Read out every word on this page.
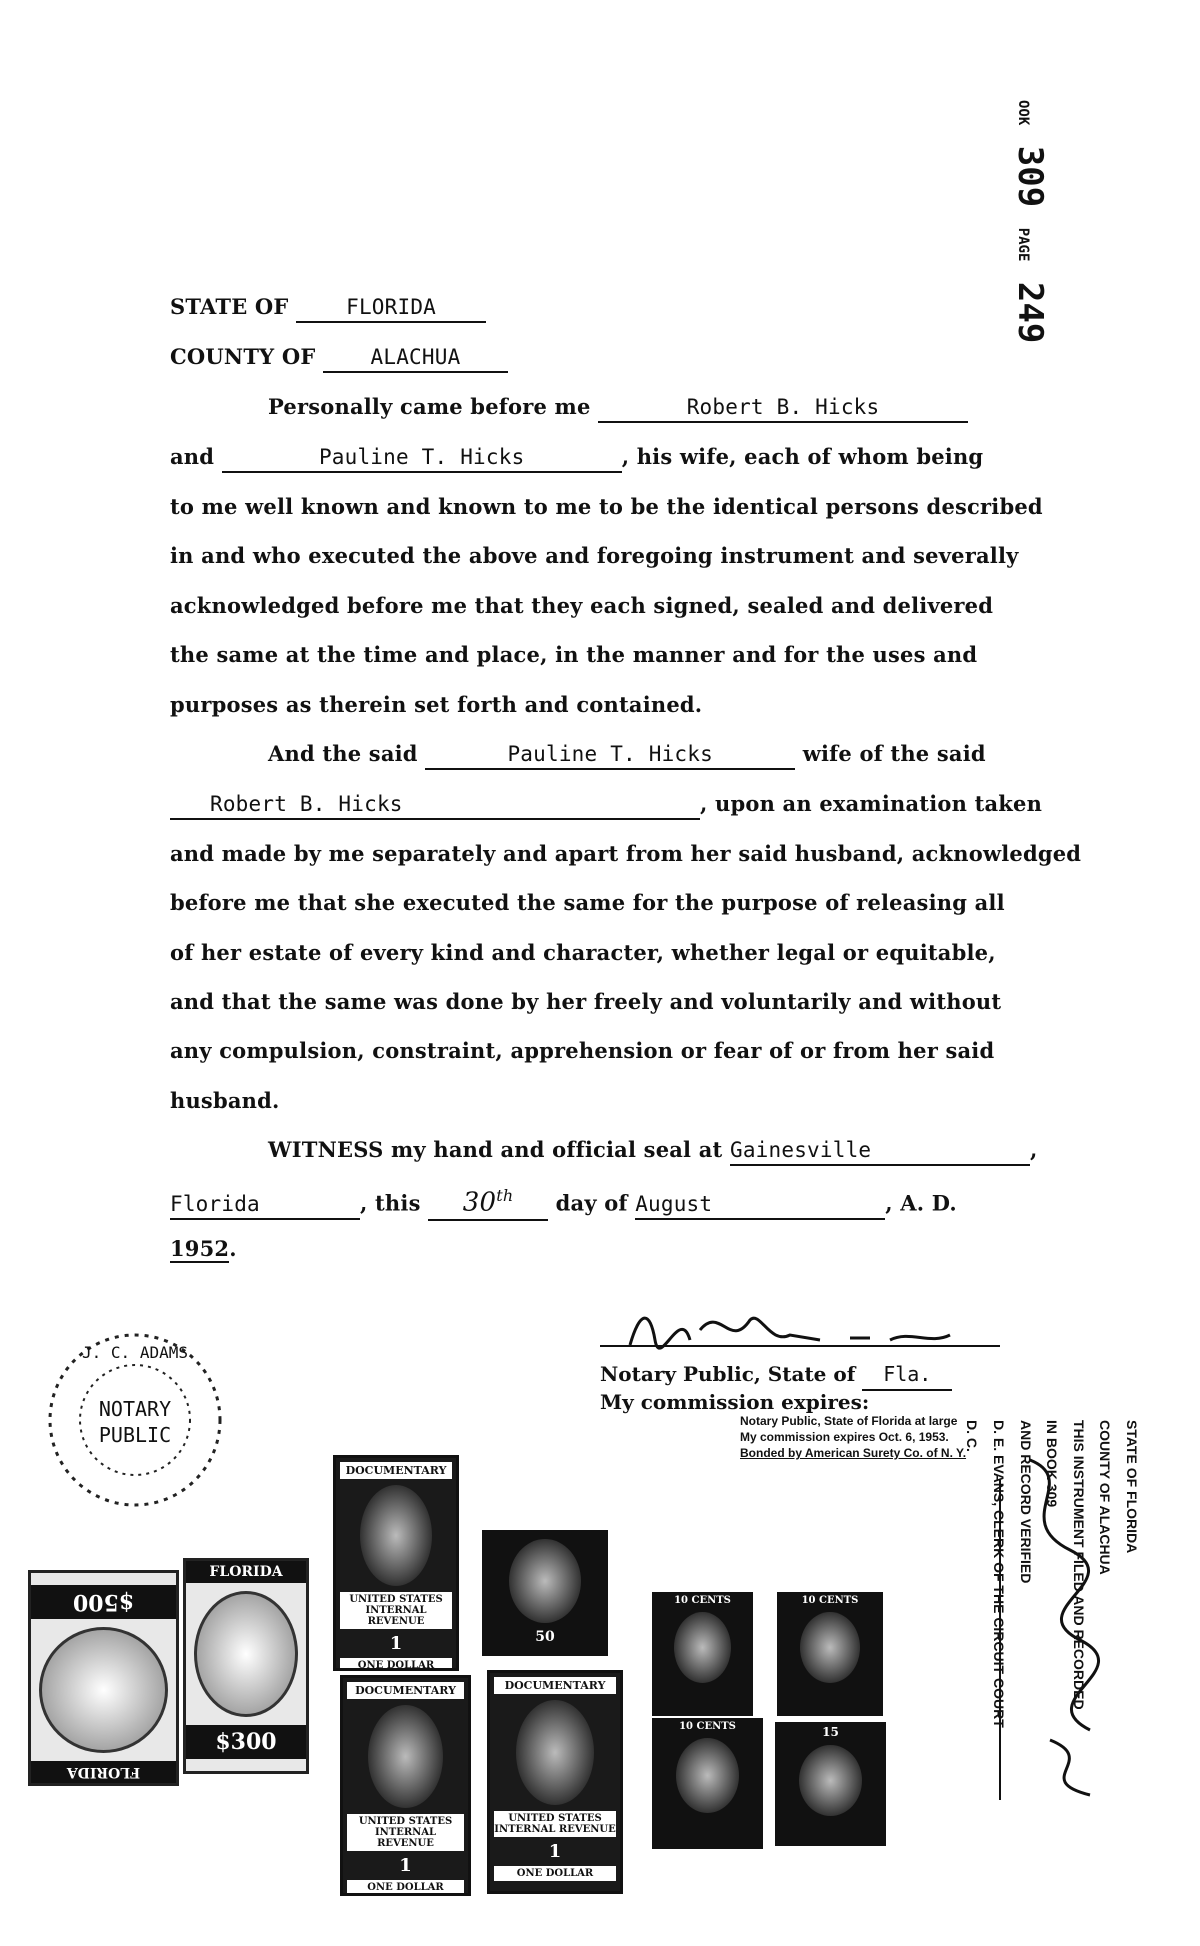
OOK 309 PAGE 249
STATE OF	FLORIDA
COUNTY OF	ALACHUA
Personally came before me	Robert B. Hicks
and	Pauline T. Hicks	, his wife, each of whom being
to me well known and known to me to be the identical persons described
in and who executed the above and foregoing instrument and severally
acknowledged before me that they each signed, sealed and delivered
the same at the time and place, in the manner and for the uses and
purposes as therein set forth and contained.
And the said	Pauline T. Hicks	wife of the said
Robert B. Hicks	, upon an examination taken
and made by me separately and apart from her said husband, acknowledged
before me that she executed the same for the purpose of releasing all
of her estate of every kind and character, whether legal or equitable,
and that the same was done by her freely and voluntarily and without
any compulsion, constraint, apprehension or fear of or from her said
husband.
WITNESS my hand and official seal at Gainesville	,
Florida	, this 30th day of August	, A. D.
1952.
Notary Public, State of Fla.
My commission expires:
Notary Public, State of Florida at large
My commission expires Oct. 6, 1953.
Bonded by American Surety Co. of N. Y.
J. C. ADAMS
NOTARY
PUBLIC
FLORIDA
$500
FLORIDA
$300
DOCUMENTARY
UNITED STATES INTERNAL REVENUE
1
ONE DOLLAR
DOCUMENTARY
UNITED STATES INTERNAL REVENUE
1
ONE DOLLAR
DOCUMENTARY
UNITED STATES INTERNAL REVENUE
1
ONE DOLLAR
50
10 CENTS	10 CENTS
10 CENTS	15
STATE OF FLORIDA
COUNTY OF ALACHUA
THIS INSTRUMENT FILED AND RECORDED
IN BOOK 309
AND RECORD VERIFIED
D. E. EVANS, CLERK OF THE CIRCUIT COURT
D. C.
